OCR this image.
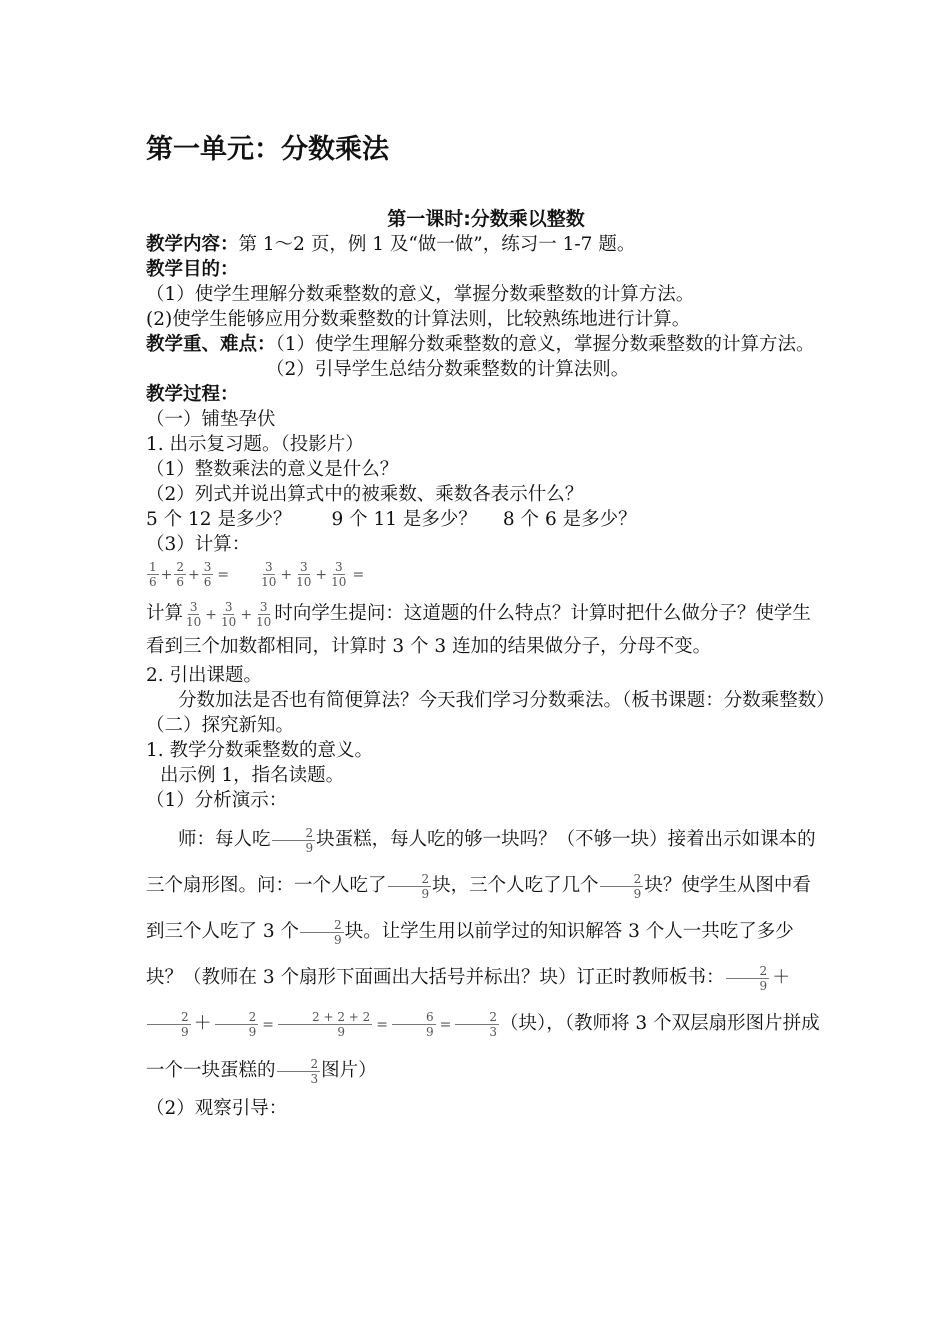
第一单元：分数乘法
第一课时:分数乘以整数

教学内容：第 1～2 页，例 1 及“做一做”，练习一 1-7 题。

教学目的：

（1）使学生理解分数乘整数的意义，掌握分数乘整数的计算方法。

(2)使学生能够应用分数乘整数的计算法则，比较熟练地进行计算。

教学重、难点：（1）使学生理解分数乘整数的意义，掌握分数乘整数的计算方法。

（2）引导学生总结分数乘整数的计算法则。

教学过程：

（一）铺垫孕伏

1. 出示复习题。（投影片）

（1）整数乘法的意义是什么？

（2）列式并说出算式中的被乘数、乘数各表示什么？

5 个 12 是多少？ 9 个 11 是多少？ 8 个 6 是多少？

（3）计算：

$\frac{1}{6} + \frac{2}{6} + \frac{3}{6}$ =	$\frac{3}{10} + \frac{3}{10} + \frac{3}{10}$ =

计算 $\frac{3}{10} + \frac{3}{10} + \frac{3}{10}$ 时向学生提问：这道题的什么特点？计算时把什么做分子？使学生看到三个加数都相同，计算时 3 个 3 连加的结果做分子，分母不变。

2. 引出课题。

分数加法是否也有简便算法？今天我们学习分数乘法。（板书课题：分数乘整数）

（二）探究新知。

1. 教学分数乘整数的意义。

出示例 1，指名读题。

（1）分析演示：

师：每人吃 $\frac{2}{9}$ 块蛋糕，每人吃的够一块吗？（不够一块）接着出示如课本的三个扇形图。问：一个人吃了 $\frac{2}{9}$ 块，三个人吃了几个 $\frac{2}{9}$ 块？使学生从图中看到三个人吃了 3 个 $\frac{2}{9}$ 块。让学生用以前学过的知识解答 3 个人一共吃了多少块？（教师在 3 个扇形下面画出大括号并标出？块）订正时教师板书： $\frac{2}{9}$ ＋
$\frac{2}{9} + \frac{2}{9} = \frac{2 + 2 + 2}{9} = \frac{6}{9} = \frac{2}{3}$ （块），（教师将 3 个双层扇形图片拼成一个一块蛋糕的 $\frac{2}{3}$ 图片）

（2）观察引导：
